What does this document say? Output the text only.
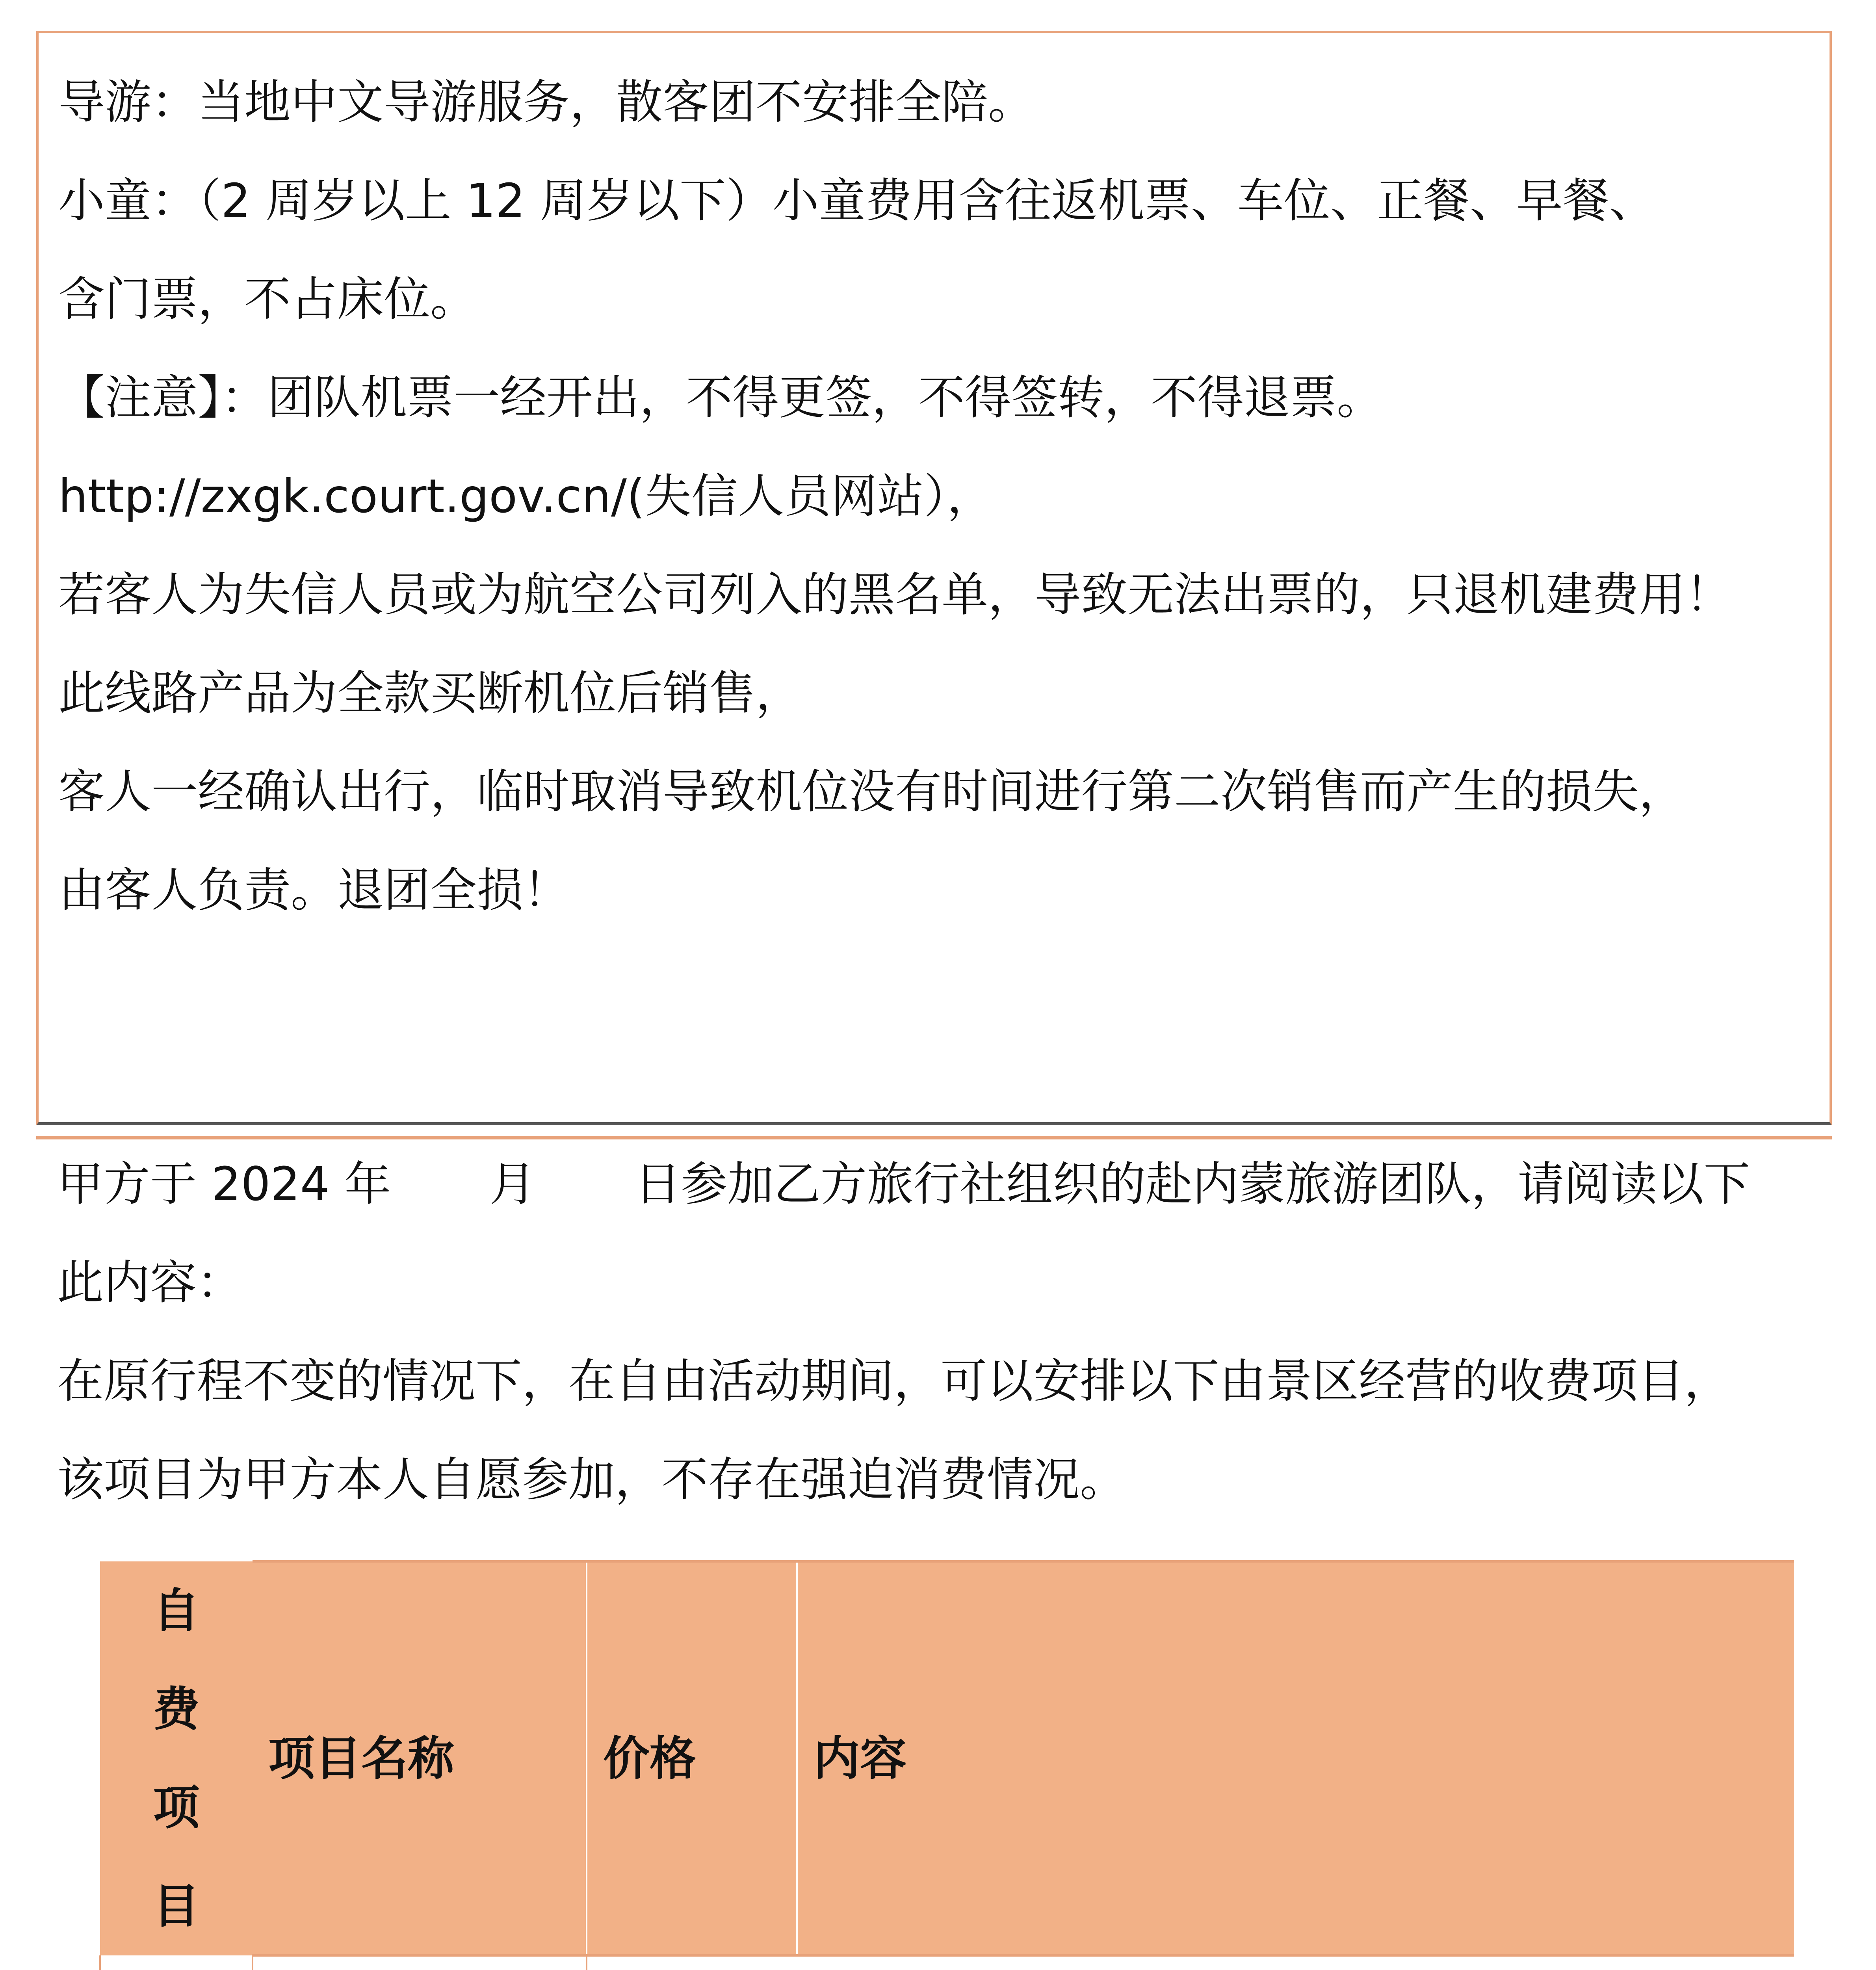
导游：当地中文导游服务，散客团不安排全陪。
小童：（2 周岁以上 12 周岁以下）小童费用含往返机票、车位、正餐、早餐、
含门票，不占床位。
【注意】：团队机票一经开出，不得更签，不得签转，不得退票。
http://zxgk.court.gov.cn/(失信人员网站），
若客人为失信人员或为航空公司列入的黑名单，导致无法出票的，只退机建费用！
此线路产品为全款买断机位后销售，
客人一经确认出行，临时取消导致机位没有时间进行第二次销售而产生的损失，
由客人负责。退团全损！

甲方于 2024 年 月 日参加乙方旅行社组织的赴内蒙旅游团队，请阅读以下

此内容：

在原行程不变的情况下，在自由活动期间，可以安排以下由景区经营的收费项目，

该项目为甲方本人自愿参加，不存在强迫消费情况。

自费项目	项目名称	价格	内容
